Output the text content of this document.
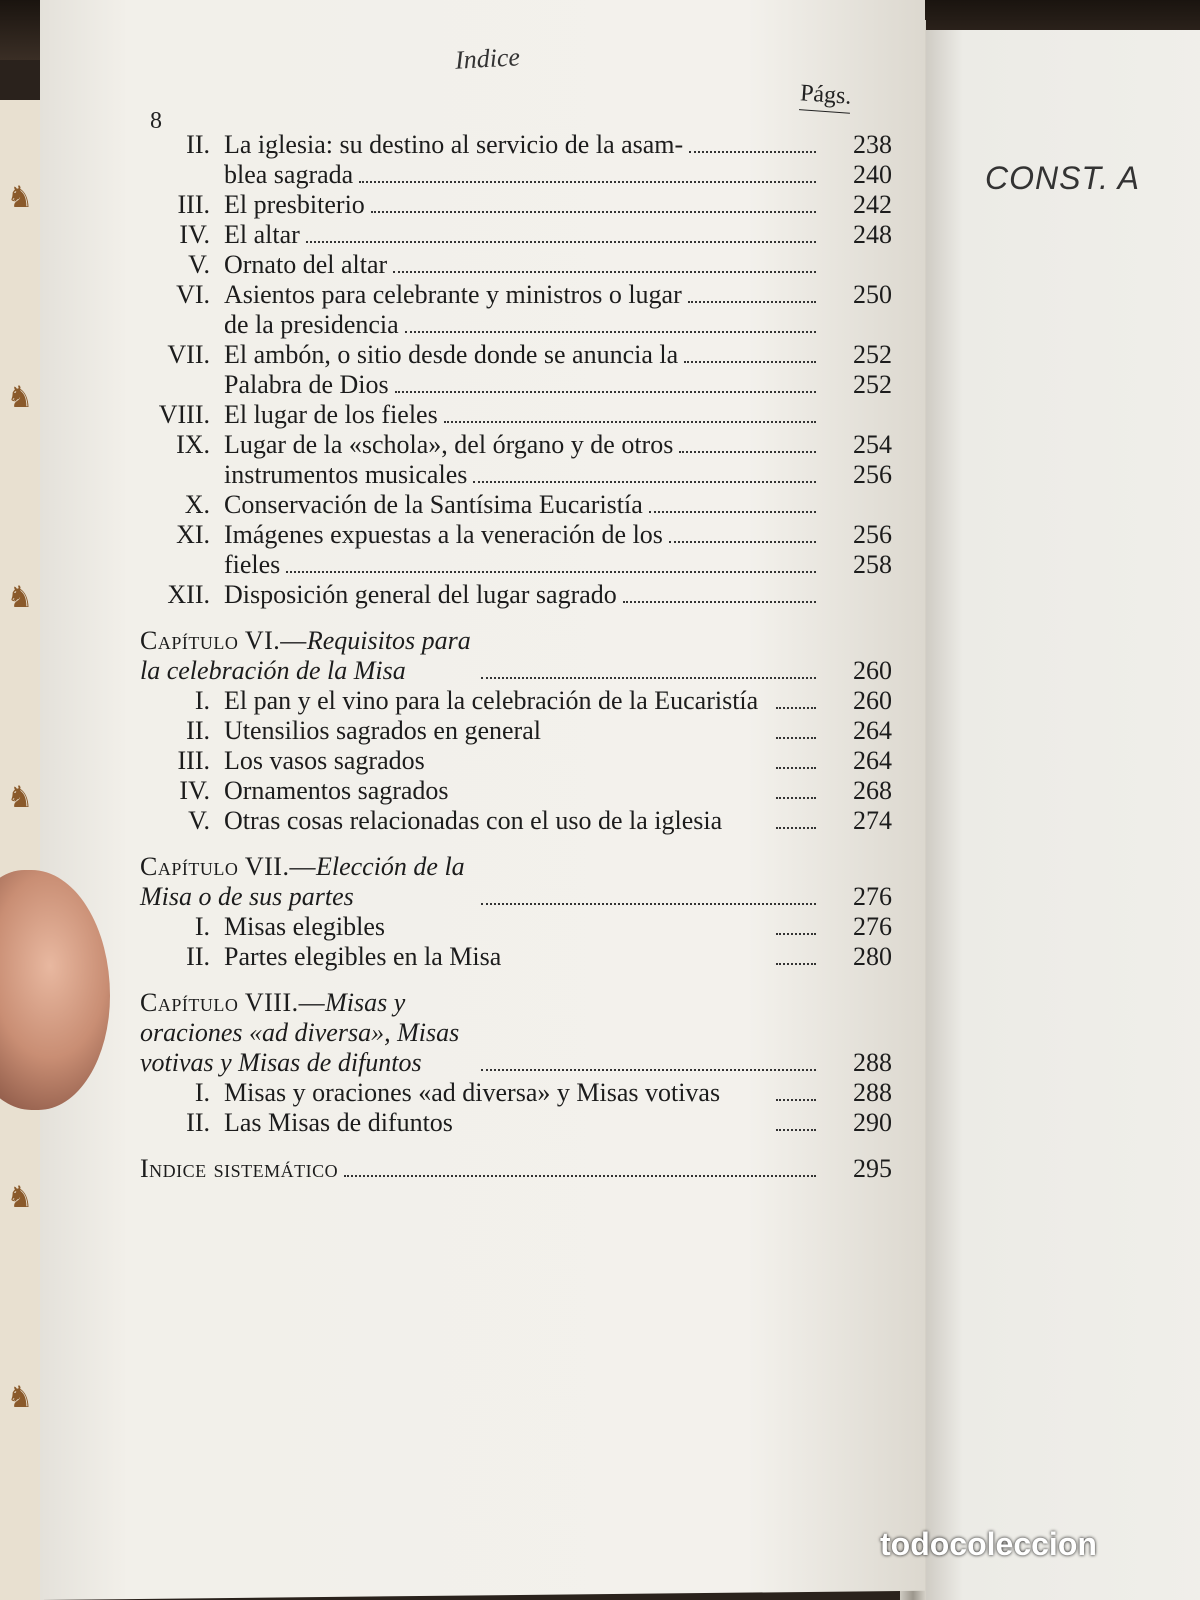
♞
♞
♞
♞
♞
♞
Indice
8
Págs.
CONST. A
II. La iglesia: su destino al servicio de la asam-	238
blea sagrada	240
III. El presbiterio	242
IV. El altar	248
V. Ornato del altar
VI. Asientos para celebrante y ministros o lugar	250
de la presidencia
VII. El ambón, o sitio desde donde se anuncia la	252
Palabra de Dios	252
VIII. El lugar de los fieles
IX. Lugar de la «schola», del órgano y de otros	254
instrumentos musicales	256
X. Conservación de la Santísima Eucaristía
XI. Imágenes expuestas a la veneración de los	256
fieles	258
XII. Disposición general del lugar sagrado
Capítulo VI.—Requisitos para la celebración de la Misa	260
I. El pan y el vino para la celebración de la Eucaristía	260
II. Utensilios sagrados en general	264
III. Los vasos sagrados	264
IV. Ornamentos sagrados	268
V. Otras cosas relacionadas con el uso de la iglesia	274
Capítulo VII.—Elección de la Misa o de sus partes	276
I. Misas elegibles	276
II. Partes elegibles en la Misa	280
Capítulo VIII.—Misas y oraciones «ad diversa», Misas votivas y Misas de difuntos	288
I. Misas y oraciones «ad diversa» y Misas votivas	288
II. Las Misas de difuntos	290
Indice sistemático	295
todocoleccion
